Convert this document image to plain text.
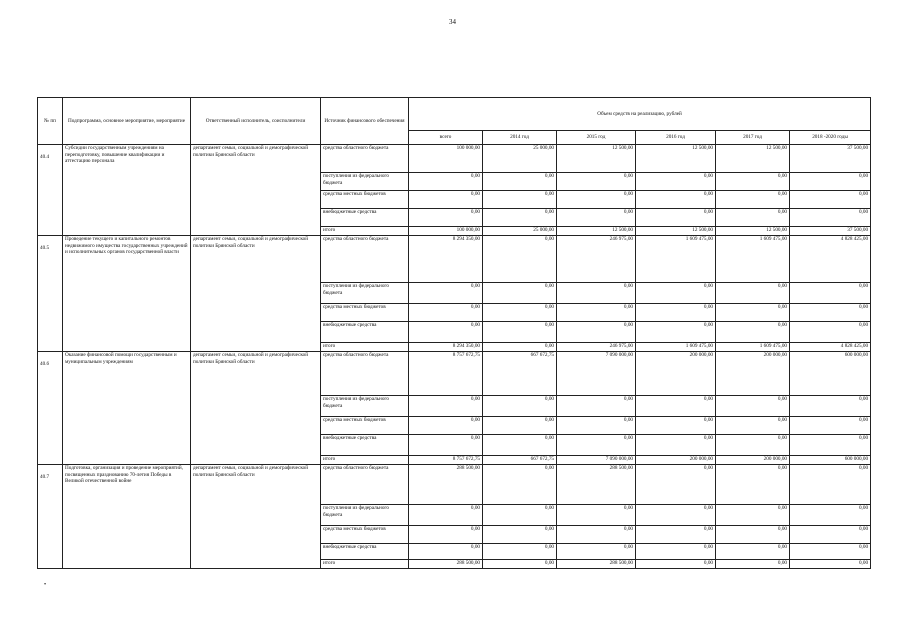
34
№ пп	Подпрограмма, основное мероприятие, мероприятие	Ответственный исполнитель, соисполнители	Источник финансового обеспечения	Объем средств на реализацию, рублей					
				всего	2014 год	2015 год	2016 год	2017 год	2018 -2020 годы
40.4	Субсидии государственным учреждениям на переподготовку, повышение квалификации и аттестацию персонала	департамент семьи, социальной и демографической политики Брянской области	средства областного бюджета	100 000,00	25 000,00	12 500,00	12 500,00	12 500,00	37 500,00
			поступления из федерального бюджета	0,00	0,00	0,00	0,00	0,00	0,00
			средства местных бюджетов	0,00	0,00	0,00	0,00	0,00	0,00
			внебюджетные средства	0,00	0,00	0,00	0,00	0,00	0,00
			итого	100 000,00	25 000,00	12 500,00	12 500,00	12 500,00	37 500,00
40.5	Проведение текущего и капитального ремонтов недвижимого имущества государственных учреждений и исполнительных органов государственной власти	департамент семьи, социальной и демографической политики Брянской области	средства областного бюджета	8 294 350,00	0,00	246 975,00	1 609 475,00	1 609 475,00	4 828 425,00
			поступления из федерального бюджета	0,00	0,00	0,00	0,00	0,00	0,00
			средства местных бюджетов	0,00	0,00	0,00	0,00	0,00	0,00
			внебюджетные средства	0,00	0,00	0,00	0,00	0,00	0,00
			итого	8 294 350,00	0,00	246 975,00	1 609 475,00	1 609 475,00	4 828 425,00
40.6	Оказание финансовой помощи государственным и муниципальным учреждениям	департамент семьи, социальной и демографической политики Брянской области	средства областного бюджета	8 757 672,75	667 672,75	7 090 000,00	200 000,00	200 000,00	600 000,00
			поступления из федерального бюджета	0,00	0,00	0,00	0,00	0,00	0,00
			средства местных бюджетов	0,00	0,00	0,00	0,00	0,00	0,00
			внебюджетные средства	0,00	0,00	0,00	0,00	0,00	0,00
			итого	8 757 672,75	667 672,75	7 090 000,00	200 000,00	200 000,00	600 000,00
40.7	Подготовка, организация и проведение мероприятий, посвященных празднованию 70-летия Победы в Великой отечественной войне	департамент семьи, социальной и демографической политики Брянской области	средства областного бюджета	288 500,00	0,00	288 500,00	0,00	0,00	0,00
			поступления из федерального бюджета	0,00	0,00	0,00	0,00	0,00	0,00
			средства местных бюджетов	0,00	0,00	0,00	0,00	0,00	0,00
			внебюджетные средства	0,00	0,00	0,00	0,00	0,00	0,00
			итого	288 500,00	0,00	288 500,00	0,00	0,00	0,00
•
